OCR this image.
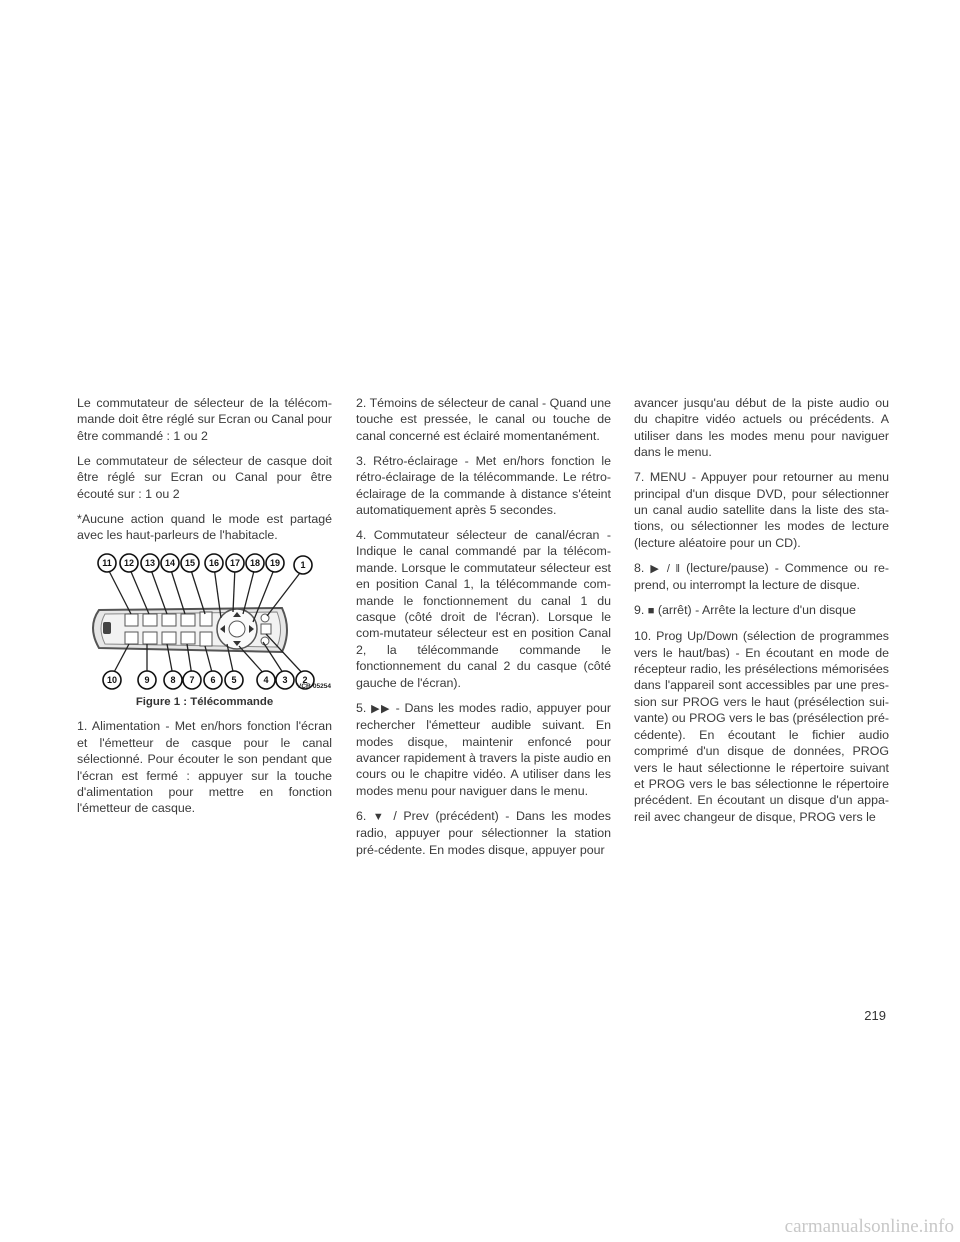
Le commutateur de sélecteur de la télécom-mande doit être réglé sur Ecran ou Canal pour être commandé : 1 ou 2

Le commutateur de sélecteur de casque doit être réglé sur Ecran ou Canal pour être écouté sur : 1 ou 2

*Aucune action quand le mode est partagé avec les haut-parleurs de l'habitacle.

11 12 13 14 15 16 17 18 19 1
10	9 8 7 6 5	4 3 2
VCR-05254
Figure 1 : Télécommande

1. Alimentation - Met en/hors fonction l'écran et l'émetteur de casque pour le canal sélectionné. Pour écouter le son pendant que l'écran est fermé : appuyer sur la touche d'alimentation pour mettre en fonction l'émetteur de casque.

2. Témoins de sélecteur de canal - Quand une touche est pressée, le canal ou touche de canal concerné est éclairé momentanément.

3. Rétro-éclairage - Met en/hors fonction le rétro-éclairage de la télécommande. Le rétro-éclairage de la commande à distance s'éteint automatiquement après 5 secondes.

4. Commutateur sélecteur de canal/écran - Indique le canal commandé par la télécom-mande. Lorsque le commutateur sélecteur est en position Canal 1, la télécommande com-mande le fonctionnement du canal 1 du casque (côté droit de l'écran). Lorsque le com-mutateur sélecteur est en position Canal 2, la télécommande commande le fonctionnement du canal 2 du casque (côté gauche de l'écran).

5. ▶▶ - Dans les modes radio, appuyer pour rechercher l'émetteur audible suivant. En modes disque, maintenir enfoncé pour avancer rapidement à travers la piste audio en cours ou le chapitre vidéo. A utiliser dans les modes menu pour naviguer dans le menu.

6. ▼ / Prev (précédent) - Dans les modes radio, appuyer pour sélectionner la station pré-cédente. En modes disque, appuyer pour

avancer jusqu'au début de la piste audio ou du chapitre vidéo actuels ou précédents. A utiliser dans les modes menu pour naviguer dans le menu.

7. MENU - Appuyer pour retourner au menu principal d'un disque DVD, pour sélectionner un canal audio satellite dans la liste des sta-tions, ou sélectionner les modes de lecture (lecture aléatoire pour un CD).

8. ▶ / ‖ (lecture/pause) - Commence ou re-prend, ou interrompt la lecture de disque.

9. ■ (arrêt) - Arrête la lecture d'un disque

10. Prog Up/Down (sélection de programmes vers le haut/bas) - En écoutant en mode de récepteur radio, les présélections mémorisées dans l'appareil sont accessibles par une pres-sion sur PROG vers le haut (présélection sui-vante) ou PROG vers le bas (présélection pré-cédente). En écoutant le fichier audio comprimé d'un disque de données, PROG vers le haut sélectionne le répertoire suivant et PROG vers le bas sélectionne le répertoire précédent. En écoutant un disque d'un appa-reil avec changeur de disque, PROG vers le

219
carmanualsonline.info
